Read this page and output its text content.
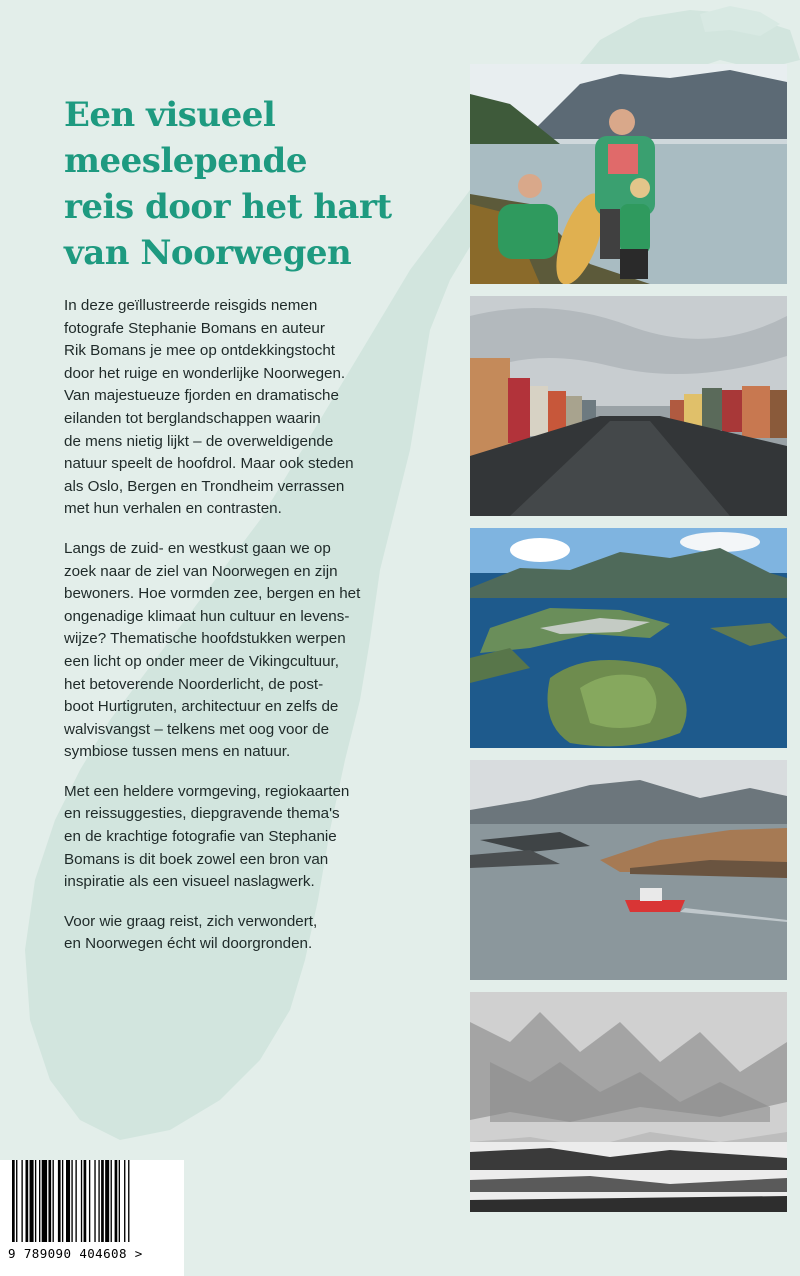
Een visueel
meeslepende
reis door het hart
van Noorwegen

In deze geïllustreerde reisgids nemen
fotografe Stephanie Bomans en auteur
Rik Bomans je mee op ontdekkingstocht
door het ruige en wonderlijke Noorwegen.
Van majestueuze fjorden en dramatische
eilanden tot berglandschappen waarin
de mens nietig lijkt – de overweldigende
natuur speelt de hoofdrol. Maar ook steden
als Oslo, Bergen en Trondheim verrassen
met hun verhalen en contrasten.

Langs de zuid- en westkust gaan we op
zoek naar de ziel van Noorwegen en zijn
bewoners. Hoe vormden zee, bergen en het
ongenadige klimaat hun cultuur en levens-
wijze? Thematische hoofdstukken werpen
een licht op onder meer de Vikingcultuur,
het betoverende Noorderlicht, de post-
boot Hurtigruten, architectuur en zelfs de
walvisvangst – telkens met oog voor de
symbiose tussen mens en natuur.

Met een heldere vormgeving, regiokaarten
en reissuggesties, diepgravende thema's
en de krachtige fotografie van Stephanie
Bomans is dit boek zowel een bron van
inspiratie als een visueel naslagwerk.

Voor wie graag reist, zich verwondert,
en Noorwegen écht wil doorgronden.

9 789090 404608 >
